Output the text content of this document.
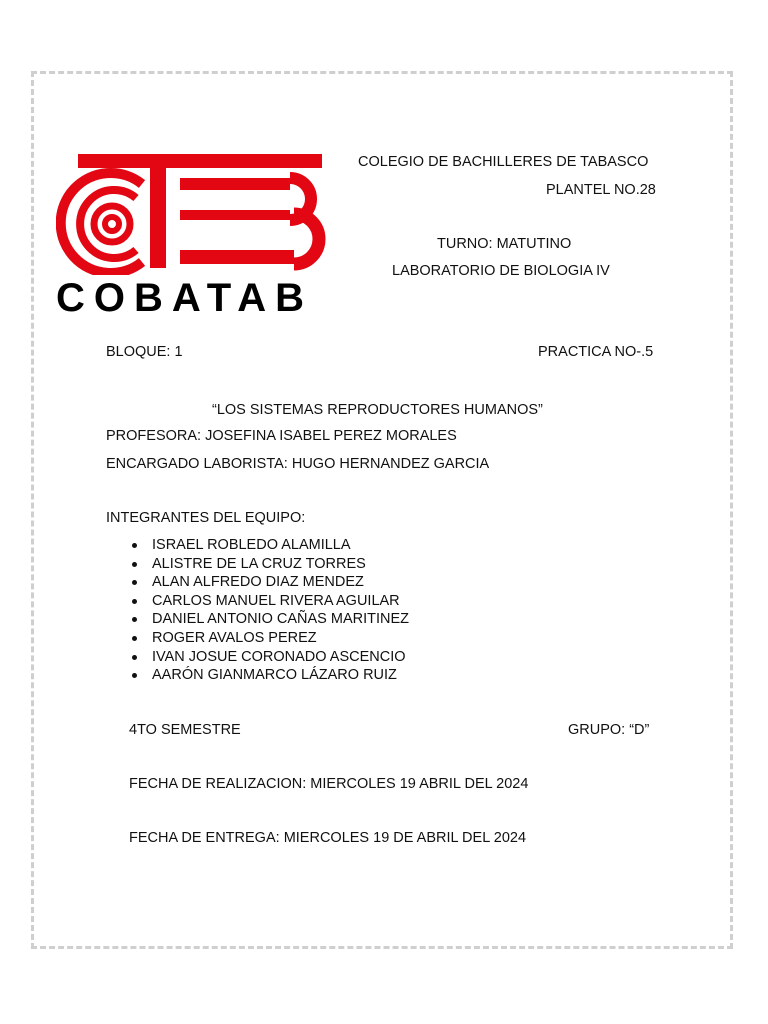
COBATAB
COLEGIO DE BACHILLERES DE TABASCO
PLANTEL NO.28
TURNO: MATUTINO
LABORATORIO DE BIOLOGIA IV
BLOQUE: 1	PRACTICA NO-.5
“LOS SISTEMAS REPRODUCTORES HUMANOS”
PROFESORA: JOSEFINA ISABEL PEREZ MORALES
ENCARGADO LABORISTA: HUGO HERNANDEZ GARCIA
INTEGRANTES DEL EQUIPO:
ISRAEL ROBLEDO ALAMILLA
ALISTRE DE LA CRUZ TORRES
ALAN ALFREDO DIAZ MENDEZ
CARLOS MANUEL RIVERA AGUILAR
DANIEL ANTONIO CAÑAS MARITINEZ
ROGER AVALOS PEREZ
IVAN JOSUE CORONADO ASCENCIO
AARÓN GIANMARCO LÁZARO RUIZ
4TO SEMESTRE	GRUPO: “D”
FECHA DE REALIZACION: MIERCOLES 19 ABRIL DEL 2024
FECHA DE ENTREGA: MIERCOLES 19 DE ABRIL DEL 2024
